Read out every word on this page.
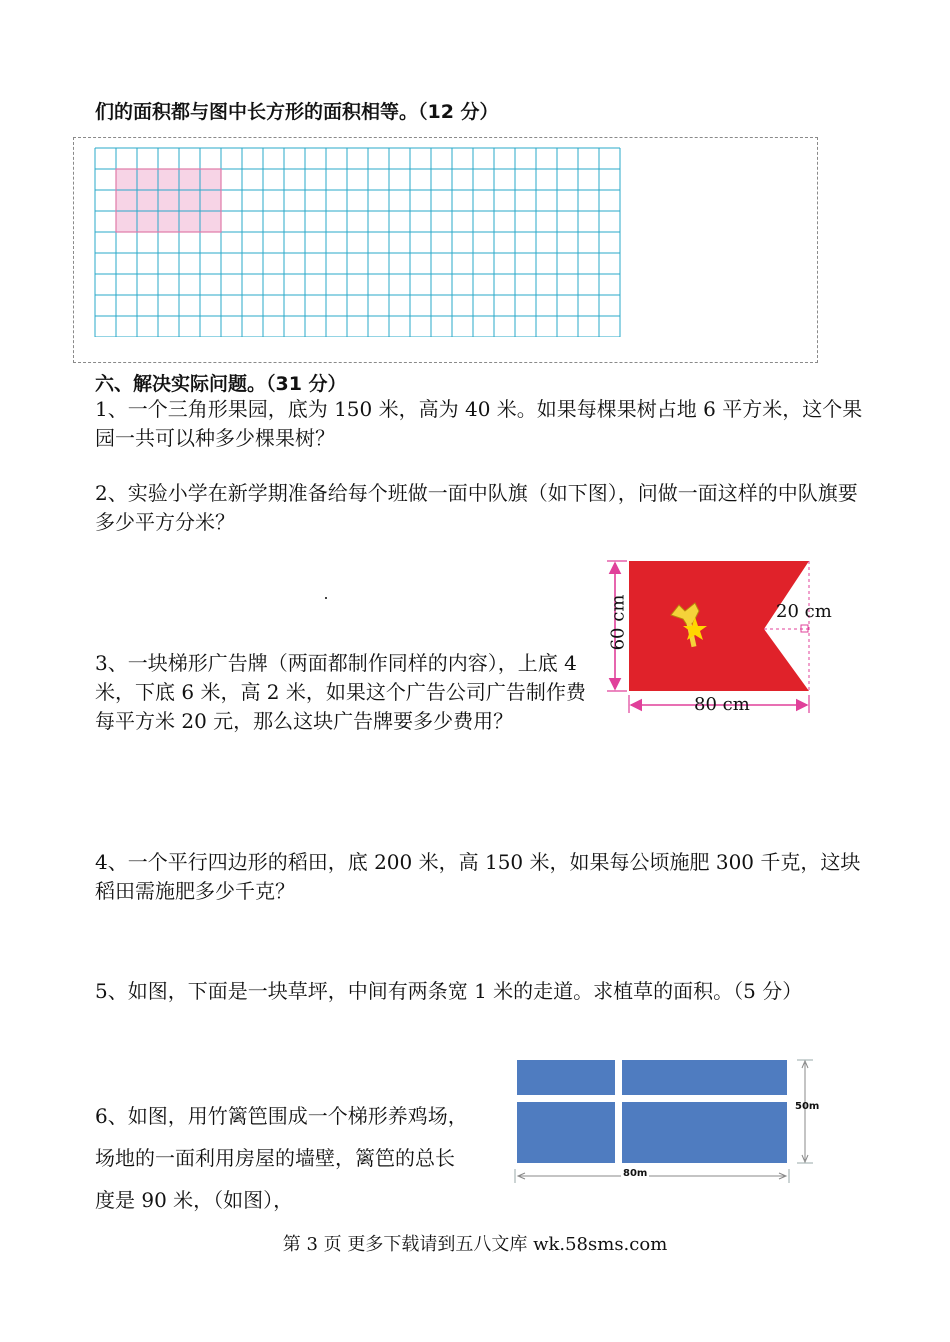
们的面积都与图中长方形的面积相等。（12 分）
六、解决实际问题。（31 分）

1、一个三角形果园，底为 150 米，高为 40 米。如果每棵果树占地 6 平方米，这个果园一共可以种多少棵果树？

2、实验小学在新学期准备给每个班做一面中队旗（如下图），问做一面这样的中队旗要多少平方分米？

20 cm
80 cm
60 cm

3、一块梯形广告牌（两面都制作同样的内容），上底 4 米，下底 6 米，高 2 米，如果这个广告公司广告制作费每平方米 20 元，那么这块广告牌要多少费用？

4、一个平行四边形的稻田，底 200 米，高 150 米，如果每公顷施肥 300 千克，这块稻田需施肥多少千克？

5、如图，下面是一块草坪，中间有两条宽 1 米的走道。求植草的面积。（5 分）

50m
80m

6、如图，用竹篱笆围成一个梯形养鸡场，

场地的一面利用房屋的墙壁，篱笆的总长

度是 90 米，（如图），

第 3 页 更多下载请到五八文库 wk.58sms.com
